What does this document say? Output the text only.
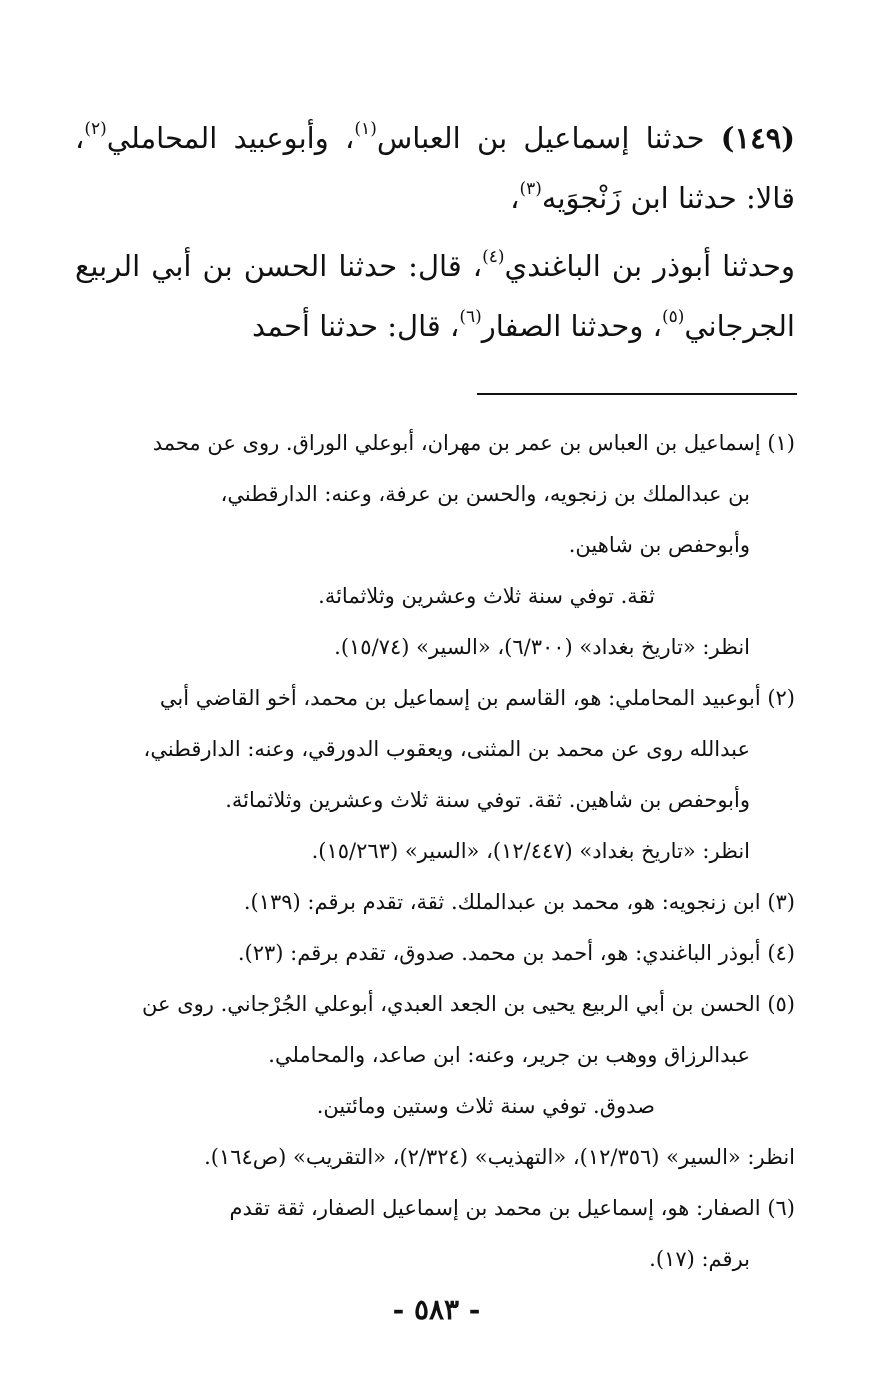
(١٤٩) حدثنا إسماعيل بن العباس$^{(١)}$، وأبوعبيد المحاملي$^{(٢)}$، قالا: حدثنا ابن زَنْجوَيه$^{(٣)}$،

وحدثنا أبوذر بن الباغندي$^{(٤)}$، قال: حدثنا الحسن بن أبي الربيع الجرجاني$^{(٥)}$، وحدثنا الصفار$^{(٦)}$، قال: حدثنا أحمد

(١) إسماعيل بن العباس بن عمر بن مهران، أبوعلي الوراق. روى عن محمد
بن عبدالملك بن زنجويه، والحسن بن عرفة، وعنه: الدارقطني،
وأبوحفص بن شاهين.
ثقة. توفي سنة ثلاث وعشرين وثلاثمائة.
انظر: «تاريخ بغداد» (٦/٣٠٠)، «السير» (١٥/٧٤).
(٢) أبوعبيد المحاملي: هو، القاسم بن إسماعيل بن محمد، أخو القاضي أبي
عبدالله روى عن محمد بن المثنى، ويعقوب الدورقي، وعنه: الدارقطني،
وأبوحفص بن شاهين. ثقة. توفي سنة ثلاث وعشرين وثلاثمائة.
انظر: «تاريخ بغداد» (١٢/٤٤٧)، «السير» (١٥/٢٦٣).
(٣) ابن زنجويه: هو، محمد بن عبدالملك. ثقة، تقدم برقم: (١٣٩).
(٤) أبوذر الباغندي: هو، أحمد بن محمد. صدوق، تقدم برقم: (٢٣).
(٥) الحسن بن أبي الربيع يحيى بن الجعد العبدي، أبوعلي الجُرْجاني. روى عن
عبدالرزاق ووهب بن جرير، وعنه: ابن صاعد، والمحاملي.
صدوق. توفي سنة ثلاث وستين ومائتين.
انظر: «السير» (١٢/٣٥٦)، «التهذيب» (٢/٣٢٤)، «التقريب» (ص١٦٤).
(٦) الصفار: هو، إسماعيل بن محمد بن إسماعيل الصفار، ثقة تقدم
برقم: (١٧).
- ٥٨٣ -
